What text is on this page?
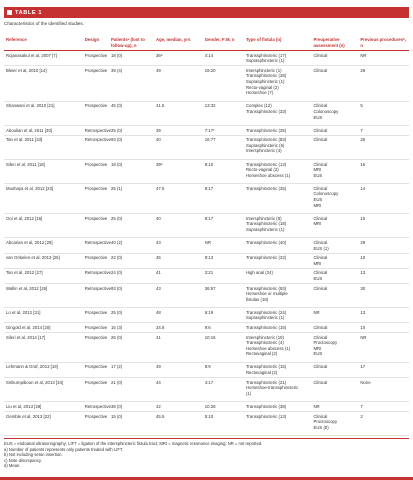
TABLE 1
Characteristics of the identified studies.
Reference	Design	Patientsᵃ (lost to follow-up), n	Age, median, yrs	Gender, F:M, n	Type of fistula (n)	Preoperative assessment (n)	Previous proceduresᵇ, n
Rojanasakul et al, 2007 [7]	Prospective	18 (0)	36ᵈ	4:14	Transsphincteric (17)
Suprasphincteric (1)	Clinical	NR
Bleier et al, 2010 [14]	Prospective	39 (4)	49	19:20	Intersphincteric (1)
Transsphincteric (28)
Suprasphincteric (1)
Recto-vaginal (2)
Horseshoe (7)	Clinical	29
Shanwani et al, 2010 [21]	Prospective	45 (0)	41.5	13:32	Complex (12)
Transsphincteric (33)	Clinical
Colonoscopy
EUS	5
Aboulian et al, 2011 [30]	Retrospective	25 (0)	39	7:17ᶜ	Transsphincteric (25)	Clinical	7
Tan et al, 2011 [33]	Retrospective	93 (0)	40	16:77	Transsphincteric (83)
Suprasphincteric (6)
Intersphincteric (4)	Clinical	26
Sileri et al, 2011 [18]	Prospective	18 (0)	39ᵈ	8:10	Transsphincteric (13)
Recto-vaginal (2)
Horseshoe abscess (1)	Clinical
MRI
EUS	16
Mushaya et al, 2012 [23]	Prospective	25 (1)	47.5	8:17	Transsphincteric (25)	Clinical
Colonoscopy
EUS
MRI	14
Ooi et al, 2012 [16]	Prospective	25 (0)	40	8:17	Intersphincteric (8)
Transsphincteric (18)
Suprasphincteric (1)	Clinical
MRI	10
Abcarian et al, 2012 [29]	Retrospective	40 (2)	43	NR	Transsphincteric (40)	Clinical
EUS (1)	29
van Onkelen et al, 2013 [25]	Prospective	22 (0)	45	9:13	Transsphincteric (22)	Clinical
MRI	10
Tan et al, 2012 [27]	Retrospective	24 (0)	41	3:21	High anal (24)	Clinical
EUS	13
Wallin et al, 2012 [26]	Retrospective	93 (0)	43	36:57	Transsphincteric (93)
Horseshoe or multiple
fistulas (18)	Clinical	30
Lo et al, 2012 [31]	Prospective	25 (0)	48	6:19	Transsphincteric (24)
Suprasphincteric (1)	NR	13
Gingold et al, 2014 [20]	Prospective	15 (3)	34.8	9:6	Transsphincteric (15)	Clinical	10
Sileri et al, 2014 [17]	Prospective	26 (0)	41	10:16	Intersphincteric (19)
Transsphincteric (4)
Horseshoe abscess (1)
Rectovaginal (2)	Clinical
Proctoscopy
MRI
EUS	NR
Lehmann & Graf, 2013 [19]	Prospective	17 (2)	49	8:9	Transsphincteric (15)
Rectovaginal (2)	Clinical	17
Sirikurnpiboon et al, 2013 [34]	Prospective	21 (0)	44	4:17	Transsphincteric (21)
Horseshoe-transsphincteric
(1)	Clinical	None
Liu et al, 2013 [28]	Retrospective	38 (0)	42	10:28	Transsphincteric (38)	NR	7
Gemble et al, 2013 [22]	Prospective	15 (0)	45.5	5:10	Transsphincteric (13)	Clinical
Proctoscopy
EUS (8)	2
EUS = endoanal ultrasonography; LIFT = ligation of the intersphincteric fistula tract; MRI = magnetic resonance imaging; NR = not reported.
a) Number of patients represents only patients treated with LIFT.
b) Not including seton insertion.
c) Note discrepancy.
d) Mean.
